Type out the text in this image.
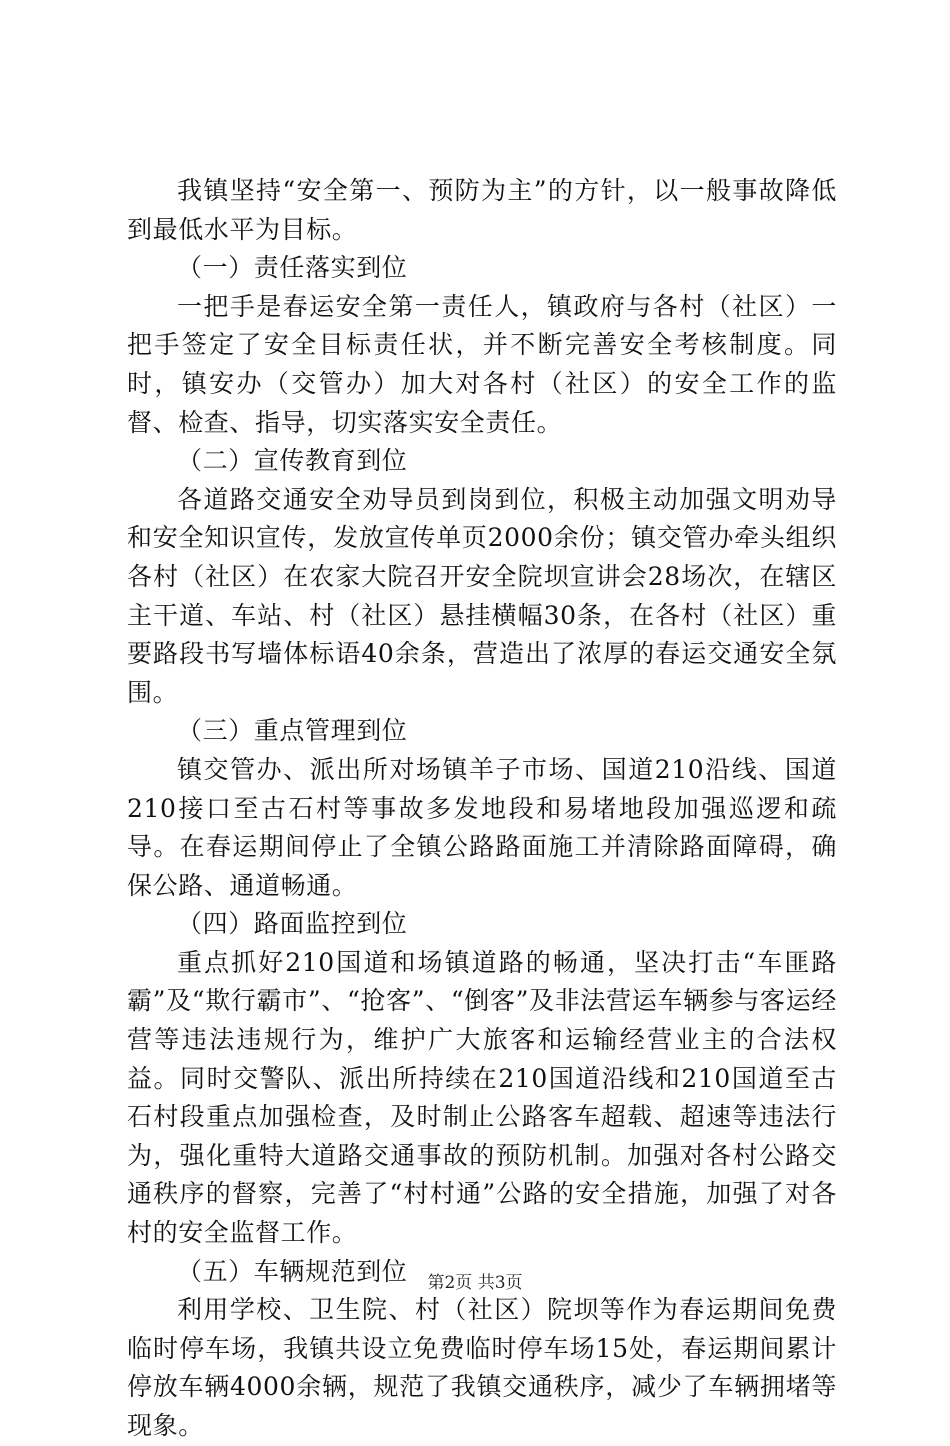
我镇坚持“安全第一、预防为主”的方针，以一般事故降低到最低水平为目标。

（一）责任落实到位

一把手是春运安全第一责任人，镇政府与各村（社区）一把手签定了安全目标责任状，并不断完善安全考核制度。同时，镇安办（交管办）加大对各村（社区）的安全工作的监督、检查、指导，切实落实安全责任。

（二）宣传教育到位

各道路交通安全劝导员到岗到位，积极主动加强文明劝导和安全知识宣传，发放宣传单页2000余份；镇交管办牵头组织各村（社区）在农家大院召开安全院坝宣讲会28场次，在辖区主干道、车站、村（社区）悬挂横幅30条，在各村（社区）重要路段书写墙体标语40余条，营造出了浓厚的春运交通安全氛围。

（三）重点管理到位

镇交管办、派出所对场镇羊子市场、国道210沿线、国道210接口至古石村等事故多发地段和易堵地段加强巡逻和疏导。在春运期间停止了全镇公路路面施工并清除路面障碍，确保公路、通道畅通。

（四）路面监控到位

重点抓好210国道和场镇道路的畅通，坚决打击“车匪路霸”及“欺行霸市”、“抢客”、“倒客”及非法营运车辆参与客运经营等违法违规行为，维护广大旅客和运输经营业主的合法权益。同时交警队、派出所持续在210国道沿线和210国道至古石村段重点加强检查，及时制止公路客车超载、超速等违法行为，强化重特大道路交通事故的预防机制。加强对各村公路交通秩序的督察，完善了“村村通”公路的安全措施，加强了对各村的安全监督工作。

（五）车辆规范到位

利用学校、卫生院、村（社区）院坝等作为春运期间免费临时停车场，我镇共设立免费临时停车场15处，春运期间累计停放车辆4000余辆，规范了我镇交通秩序，减少了车辆拥堵等现象。

第2页 共3页
